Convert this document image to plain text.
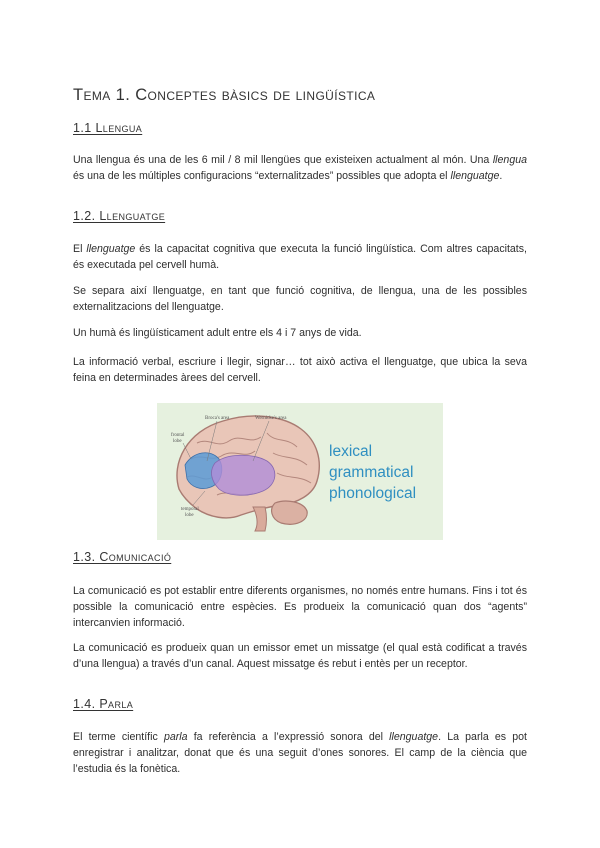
Tema 1. Conceptes bàsics de lingüística
1.1 Llengua
Una llengua és una de les 6 mil / 8 mil llengües que existeixen actualment al món. Una llengua és una de les múltiples configuracions “externalitzades” possibles que adopta el llenguatge.
1.2. Llenguatge
El llenguatge és la capacitat cognitiva que executa la funció lingüística. Com altres capacitats, és executada pel cervell humà.
Se separa així llenguatge, en tant que funció cognitiva, de llengua, una de les possibles externalitzacions del llenguatge.
Un humà és lingüísticament adult entre els 4 i 7 anys de vida.
La informació verbal, escriure i llegir, signar… tot això activa el llenguatge, que ubica la seva feina en determinades àrees del cervell.
Broca's area	Wernicke's area
frontal
lobe
temporal
lobe
lexical
grammatical
phonological
1.3. Comunicació
La comunicació es pot establir entre diferents organismes, no només entre humans. Fins i tot és possible la comunicació entre espècies. Es produeix la comunicació quan dos “agents” intercanvien informació.
La comunicació es produeix quan un emissor emet un missatge (el qual està codificat a través d’una llengua) a través d’un canal. Aquest missatge és rebut i entès per un receptor.
1.4. Parla
El terme científic parla fa referència a l’expressió sonora del llenguatge. La parla es pot enregistrar i analitzar, donat que és una seguit d’ones sonores. El camp de la ciència que l’estudia és la fonètica.
